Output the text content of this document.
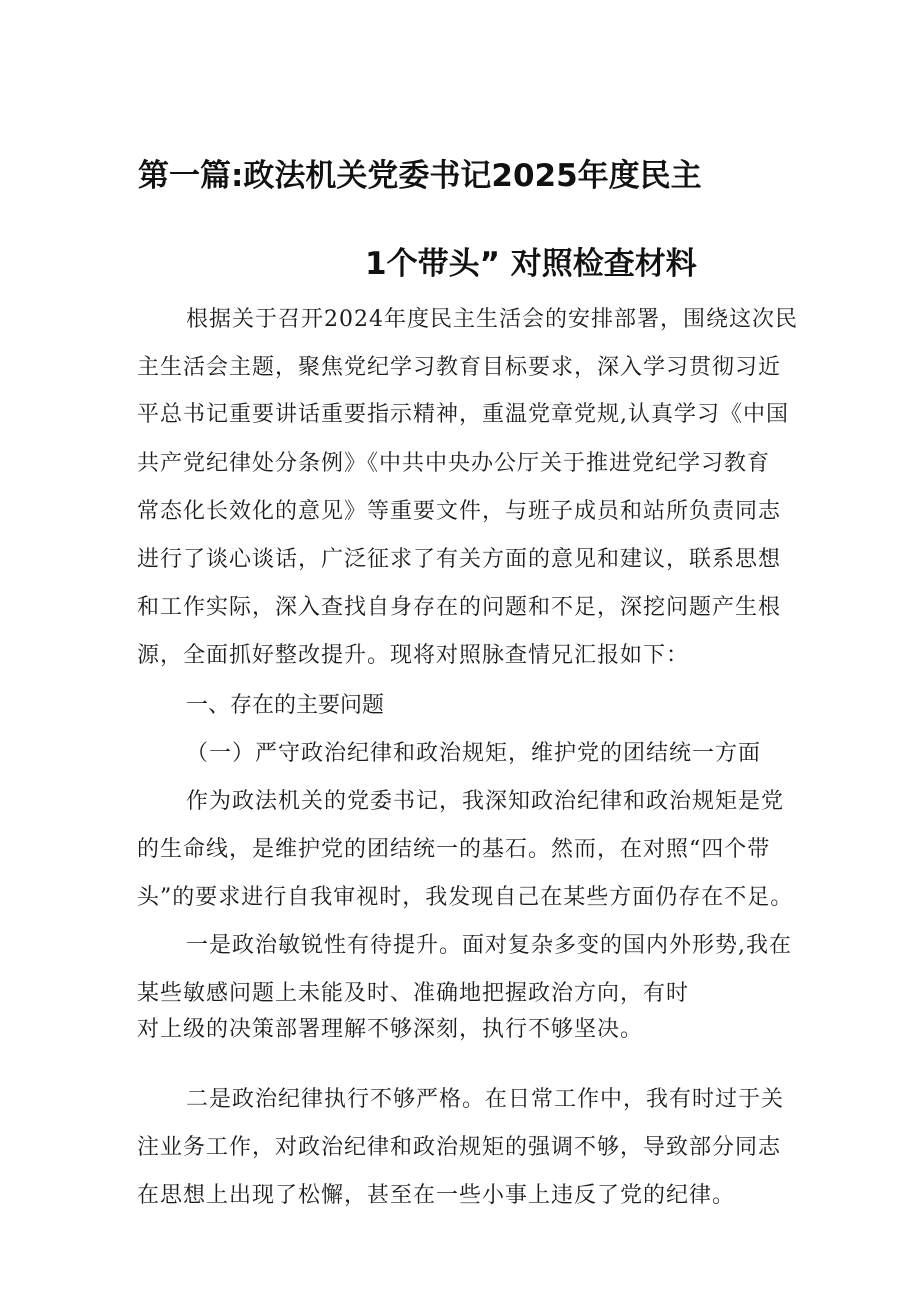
第一篇:政法机关党委书记2025年度民主
1个带头” 对照检查材料
根据关于召开2024年度民主生活会的安排部署，围绕这次民
主生活会主题，聚焦党纪学习教育目标要求，深入学习贯彻习近
平总书记重要讲话重要指示精神，重温党章党规,认真学习《中国
共产党纪律处分条例》《中共中央办公厅关于推进党纪学习教育
常态化长效化的意见》等重要文件，与班子成员和站所负责同志
进行了谈心谈话，广泛征求了有关方面的意见和建议，联系思想
和工作实际，深入查找自身存在的问题和不足，深挖问题产生根
源，全面抓好整改提升。现将对照脉查情兄汇报如下：
一、存在的主要问题
（一）严守政治纪律和政治规矩，维护党的团结统一方面
作为政法机关的党委书记，我深知政治纪律和政治规矩是党
的生命线，是维护党的团结统一的基石。然而，在对照“四个带
头”的要求进行自我审视时，我发现自己在某些方面仍存在不足。
一是政治敏锐性有待提升。面对复杂多变的国内外形势,我在
某些敏感问题上未能及时、准确地把握政治方向，有时
对上级的决策部署理解不够深刻，执行不够坚决。
二是政治纪律执行不够严格。在日常工作中，我有时过于关
注业务工作，对政治纪律和政治规矩的强调不够，导致部分同志
在思想上出现了松懈，甚至在一些小事上违反了党的纪律。
